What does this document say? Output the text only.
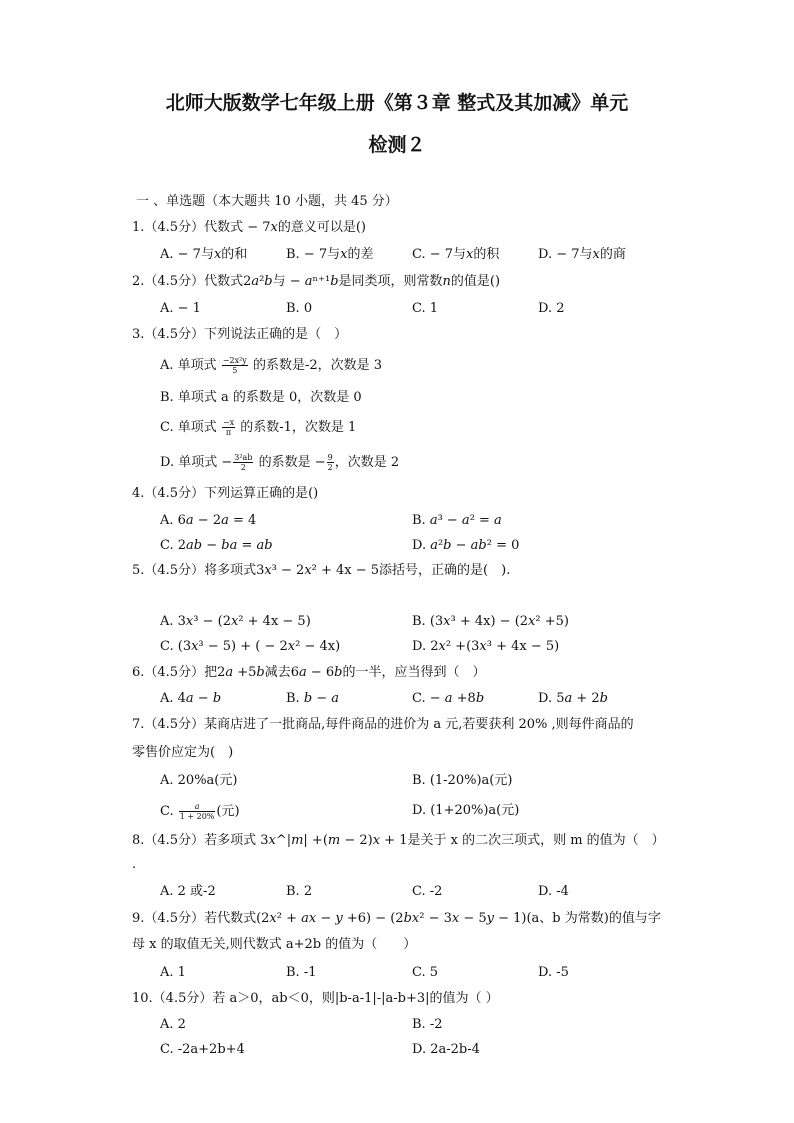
北师大版数学七年级上册《第３章 整式及其加减》单元
检测２
一 、单选题（本大题共 10 小题，共 45 分）
1.（4.5分）代数式 − 7𝑥的意义可以是()
A. − 7与𝑥的和	B. − 7与𝑥的差	C. − 7与𝑥的积	D. − 7与𝑥的商
2.（4.5分）代数式2𝑎²𝑏与 − 𝑎ⁿ⁺¹𝑏是同类项，则常数𝑛的值是()
A. − 1	B. 0	C. 1	D. 2
3.（4.5分）下列说法正确的是（　）
A. 单项式 $\frac{\text{−2x²y}}{5}$ 的系数是-2，次数是 3
B. 单项式 a 的系数是 0，次数是 0
C. 单项式 $\frac{-x}{\pi}$ 的系数-1，次数是 1
D. 单项式 − $\frac{\text{3²ab}}{2}$ 的系数是 − $\frac{9}{2}$ ，次数是 2
4.（4.5分）下列运算正确的是()
A. 6𝑎 − 2𝑎 = 4	B. 𝑎³ − 𝑎² = 𝑎
C. 2𝑎𝑏 − 𝑏𝑎 = 𝑎𝑏	D. 𝑎²𝑏 − 𝑎𝑏² = 0
5.（4.5分）将多项式3𝑥³ − 2𝑥² + 4x − 5添括号，正确的是(　).
A. 3𝑥³ − (2𝑥² + 4x − 5)	B. (3𝑥³ + 4x) − (2𝑥² +5)
C. (3𝑥³ − 5) + ( − 2𝑥² − 4x)	D. 2𝑥² +(3𝑥³ + 4x − 5)
6.（4.5分）把2𝑎 +5𝑏减去6𝑎 − 6𝑏的一半，应当得到（　）
A. 4𝑎 − 𝑏	B. 𝑏 − 𝑎	C. − 𝑎 +8𝑏	D. 5𝑎 + 2𝑏
7.（4.5分）某商店进了一批商品,每件商品的进价为 a 元,若要获利 20% ,则每件商品的
零售价应定为(　)
A. 20%a(元)	B. (1-20%)a(元)
C. $\frac{\text{𝑎}}{1 + 20\%}$ (元)	D. (1+20%)a(元)
8.（4.5分）若多项式 3𝑥^|𝑚| +(𝑚 − 2)𝑥 + 1是关于 x 的二次三项式，则 m 的值为（　）
.
A. 2 或-2	B. 2	C. -2	D. -4
9.（4.5分）若代数式(2𝑥² + 𝑎𝑥 − 𝑦 +6) − (2𝑏𝑥² − 3𝑥 − 5𝑦 − 1)(a、b 为常数)的值与字
母 x 的取值无关,则代数式 a+2b 的值为（　　）
A. 1	B. -1	C. 5	D. -5
10.（4.5分）若 a＞0，ab＜0，则|b-a-1|-|a-b+3|的值为（ ）
A. 2	B. -2
C. -2a+2b+4	D. 2a-2b-4
